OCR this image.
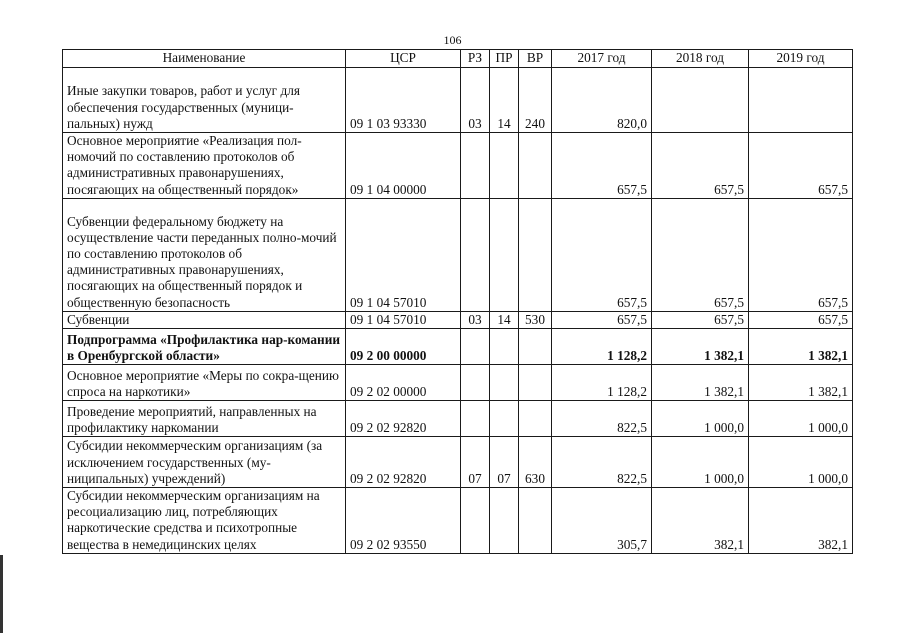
106
Наименование	ЦСР	РЗ	ПР	ВР	2017 год	2018 год	2019 год
Иные закупки товаров, работ и услуг для обеспечения государственных (муници-пальных) нужд	09 1 03 93330	03	14	240	820,0		
Основное мероприятие «Реализация пол-номочий по составлению протоколов об административных правонарушениях, посягающих на общественный порядок»	09 1 04 00000				657,5	657,5	657,5
Субвенции федеральному бюджету на осуществление части переданных полно-мочий по составлению протоколов об административных правонарушениях, посягающих на общественный порядок и общественную безопасность	09 1 04 57010				657,5	657,5	657,5
Субвенции	09 1 04 57010	03	14	530	657,5	657,5	657,5
Подпрограмма «Профилактика нар-комании в Оренбургской области»	09 2 00 00000				1 128,2	1 382,1	1 382,1
Основное мероприятие «Меры по сокра-щению спроса на наркотики»	09 2 02 00000				1 128,2	1 382,1	1 382,1
Проведение мероприятий, направленных на профилактику наркомании	09 2 02 92820				822,5	1 000,0	1 000,0
Субсидии некоммерческим организациям (за исключением государственных (му-ниципальных) учреждений)	09 2 02 92820	07	07	630	822,5	1 000,0	1 000,0
Субсидии некоммерческим организациям на ресоциализацию лиц, потребляющих наркотические средства и психотропные вещества в немедицинских целях	09 2 02 93550				305,7	382,1	382,1
